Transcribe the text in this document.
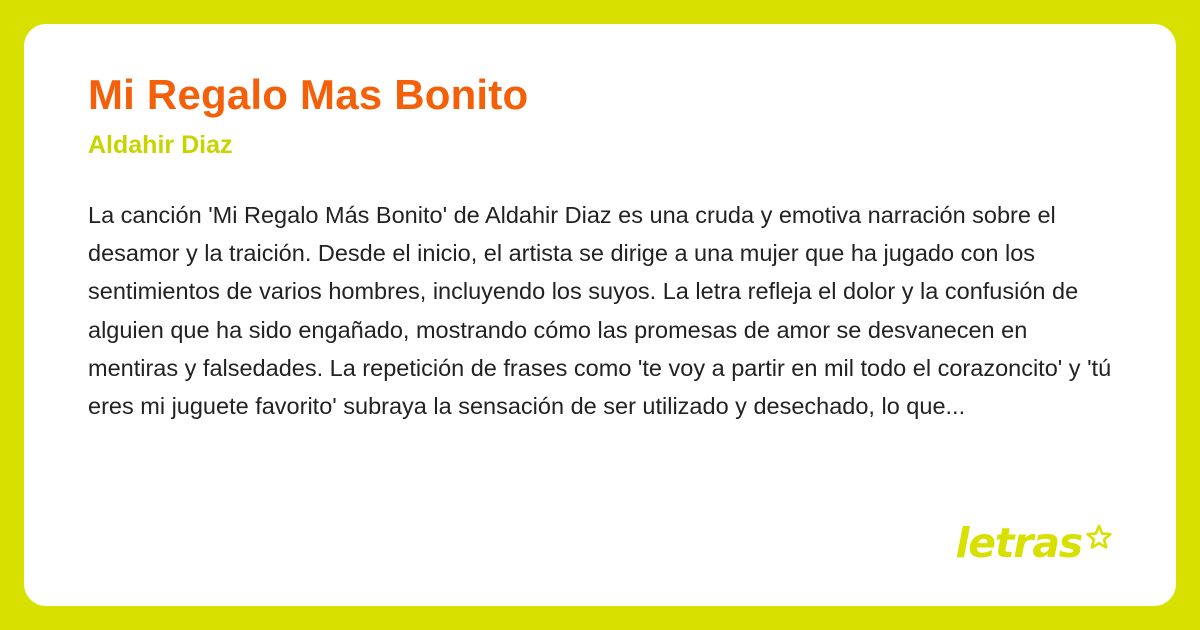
Mi Regalo Mas Bonito
Aldahir Diaz

La canción 'Mi Regalo Más Bonito' de Aldahir Diaz es una cruda y emotiva narración sobre el desamor y la traición. Desde el inicio, el artista se dirige a una mujer que ha jugado con los sentimientos de varios hombres, incluyendo los suyos. La letra refleja el dolor y la confusión de alguien que ha sido engañado, mostrando cómo las promesas de amor se desvanecen en mentiras y falsedades. La repetición de frases como 'te voy a partir en mil todo el corazoncito' y 'tú eres mi juguete favorito' subraya la sensación de ser utilizado y desechado, lo que...

letras
